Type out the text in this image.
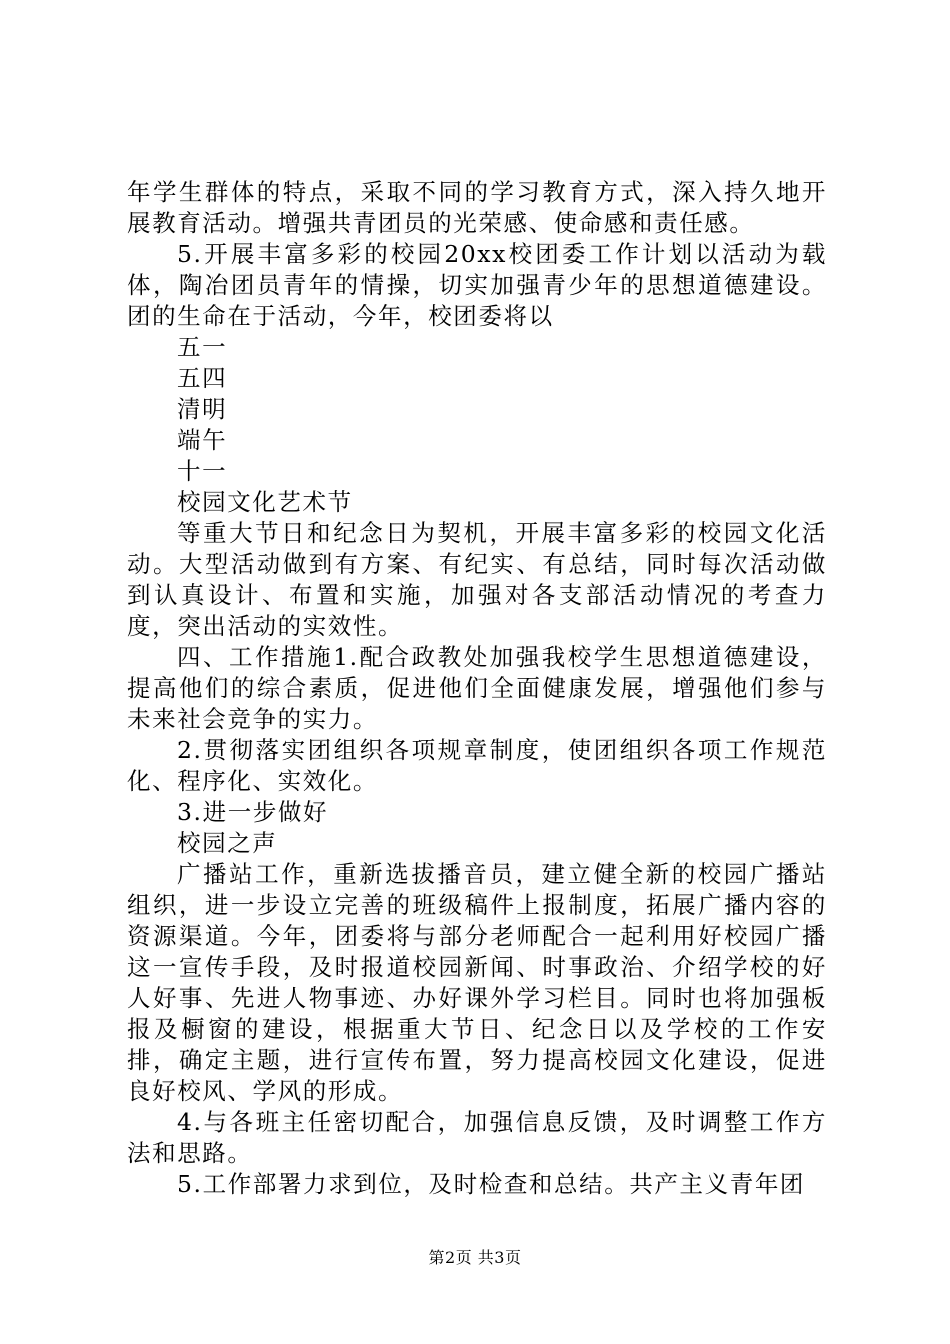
年学生群体的特点，采取不同的学习教育方式，深入持久地开展教育活动。增强共青团员的光荣感、使命感和责任感。

5.开展丰富多彩的校园20xx校团委工作计划以活动为载体，陶冶团员青年的情操，切实加强青少年的思想道德建设。团的生命在于活动，今年，校团委将以

五一

五四

清明

端午

十一

校园文化艺术节

等重大节日和纪念日为契机，开展丰富多彩的校园文化活动。大型活动做到有方案、有纪实、有总结，同时每次活动做到认真设计、布置和实施，加强对各支部活动情况的考查力度，突出活动的实效性。

四、工作措施1.配合政教处加强我校学生思想道德建设，提高他们的综合素质，促进他们全面健康发展，增强他们参与未来社会竞争的实力。

2.贯彻落实团组织各项规章制度，使团组织各项工作规范化、程序化、实效化。

3.进一步做好

校园之声

广播站工作，重新选拔播音员，建立健全新的校园广播站组织，进一步设立完善的班级稿件上报制度，拓展广播内容的资源渠道。今年，团委将与部分老师配合一起利用好校园广播这一宣传手段，及时报道校园新闻、时事政治、介绍学校的好人好事、先进人物事迹、办好课外学习栏目。同时也将加强板报及橱窗的建设，根据重大节日、纪念日以及学校的工作安排，确定主题，进行宣传布置，努力提高校园文化建设，促进良好校风、学风的形成。

4.与各班主任密切配合，加强信息反馈，及时调整工作方法和思路。

5.工作部署力求到位，及时检查和总结。共产主义青年团

第2页 共3页
